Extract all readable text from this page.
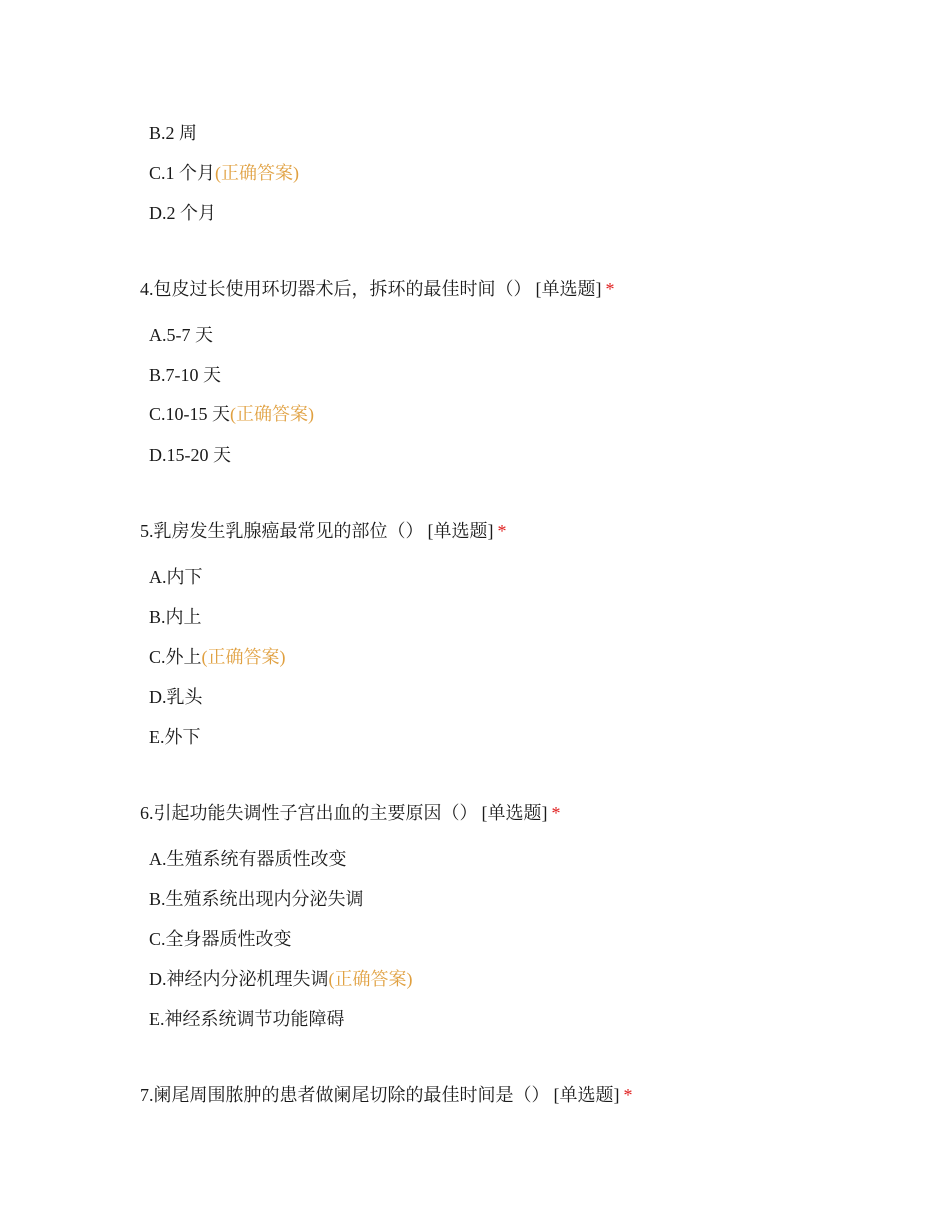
B.2 周
C.1 个月(正确答案)
D.2 个月
4.包皮过长使用环切器术后，拆环的最佳时间（） [单选题] *
A.5-7 天
B.7-10 天
C.10-15 天(正确答案)
D.15-20 天
5.乳房发生乳腺癌最常见的部位（） [单选题] *
A.内下
B.内上
C.外上(正确答案)
D.乳头
E.外下
6.引起功能失调性子宫出血的主要原因（） [单选题] *
A.生殖系统有器质性改变
B.生殖系统出现内分泌失调
C.全身器质性改变
D.神经内分泌机理失调(正确答案)
E.神经系统调节功能障碍
7.阑尾周围脓肿的患者做阑尾切除的最佳时间是（） [单选题] *
